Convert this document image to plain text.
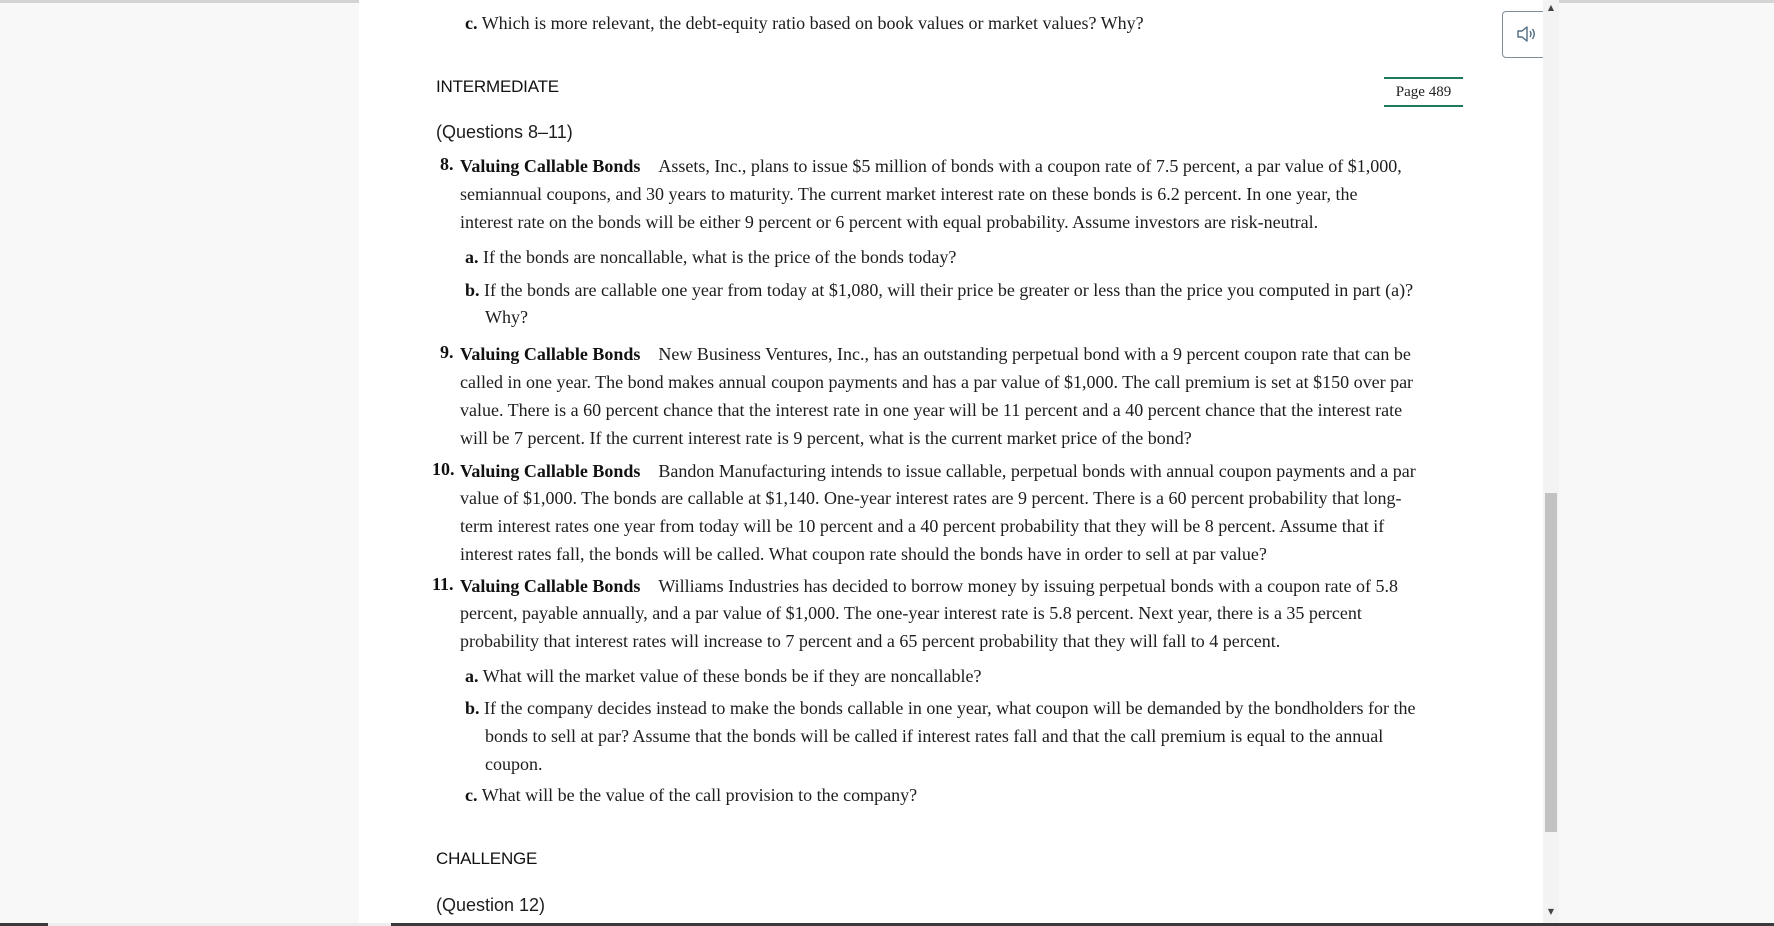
c. Which is more relevant, the debt-equity ratio based on book values or market values? Why?
INTERMEDIATE	Page 489
(Questions 8–11)
8. Valuing Callable Bonds Assets, Inc., plans to issue $5 million of bonds with a coupon rate of 7.5 percent, a par value of $1,000,
semiannual coupons, and 30 years to maturity. The current market interest rate on these bonds is 6.2 percent. In one year, the
interest rate on the bonds will be either 9 percent or 6 percent with equal probability. Assume investors are risk-neutral.
a. If the bonds are noncallable, what is the price of the bonds today?
b. If the bonds are callable one year from today at $1,080, will their price be greater or less than the price you computed in part (a)?
Why?
9. Valuing Callable Bonds New Business Ventures, Inc., has an outstanding perpetual bond with a 9 percent coupon rate that can be
called in one year. The bond makes annual coupon payments and has a par value of $1,000. The call premium is set at $150 over par
value. There is a 60 percent chance that the interest rate in one year will be 11 percent and a 40 percent chance that the interest rate
will be 7 percent. If the current interest rate is 9 percent, what is the current market price of the bond?
10. Valuing Callable Bonds Bandon Manufacturing intends to issue callable, perpetual bonds with annual coupon payments and a par
value of $1,000. The bonds are callable at $1,140. One-year interest rates are 9 percent. There is a 60 percent probability that long-
term interest rates one year from today will be 10 percent and a 40 percent probability that they will be 8 percent. Assume that if
interest rates fall, the bonds will be called. What coupon rate should the bonds have in order to sell at par value?
11. Valuing Callable Bonds Williams Industries has decided to borrow money by issuing perpetual bonds with a coupon rate of 5.8
percent, payable annually, and a par value of $1,000. The one-year interest rate is 5.8 percent. Next year, there is a 35 percent
probability that interest rates will increase to 7 percent and a 65 percent probability that they will fall to 4 percent.
a. What will the market value of these bonds be if they are noncallable?
b. If the company decides instead to make the bonds callable in one year, what coupon will be demanded by the bondholders for the
bonds to sell at par? Assume that the bonds will be called if interest rates fall and that the call premium is equal to the annual
coupon.
c. What will be the value of the call provision to the company?
CHALLENGE
(Question 12)
▲
▼
